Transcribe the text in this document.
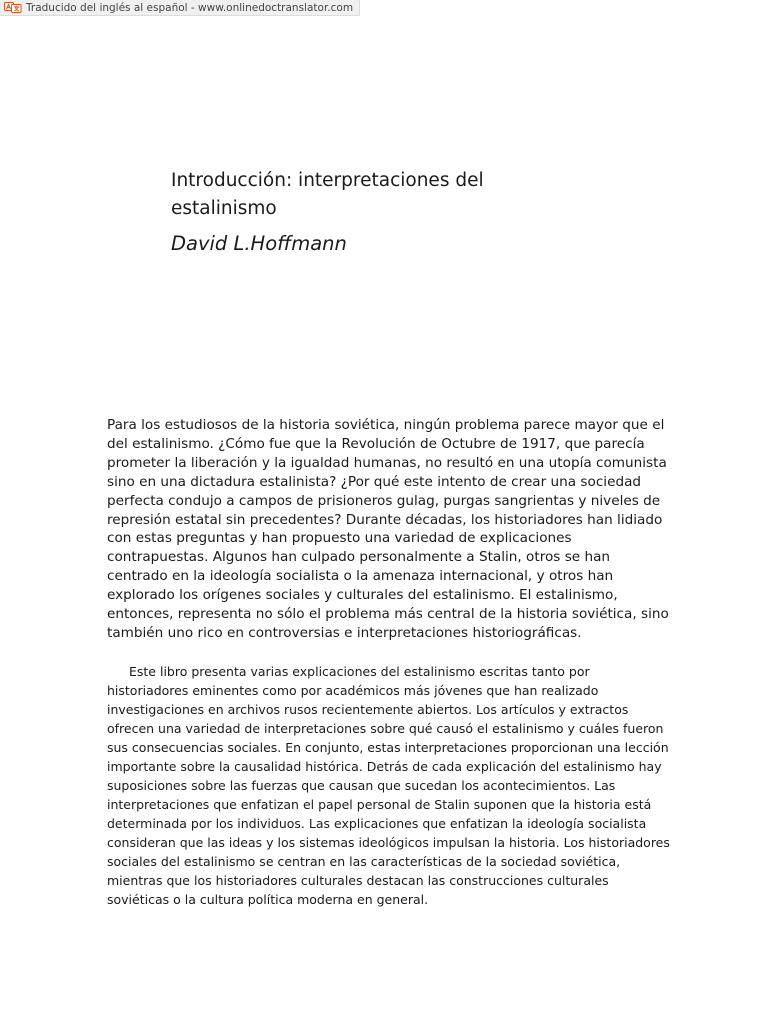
Traducido del inglés al español - www.onlinedoctranslator.com
Introducción: interpretaciones del estalinismo
David L.Hoffmann

Para los estudiosos de la historia soviética, ningún problema parece mayor que el del estalinismo. ¿Cómo fue que la Revolución de Octubre de 1917, que parecía prometer la liberación y la igualdad humanas, no resultó en una utopía comunista sino en una dictadura estalinista? ¿Por qué este intento de crear una sociedad perfecta condujo a campos de prisioneros gulag, purgas sangrientas y niveles de represión estatal sin precedentes? Durante décadas, los historiadores han lidiado con estas preguntas y han propuesto una variedad de explicaciones contrapuestas. Algunos han culpado personalmente a Stalin, otros se han centrado en la ideología socialista o la amenaza internacional, y otros han explorado los orígenes sociales y culturales del estalinismo. El estalinismo, entonces, representa no sólo el problema más central de la historia soviética, sino también uno rico en controversias e interpretaciones historiográficas.

Este libro presenta varias explicaciones del estalinismo escritas tanto por historiadores eminentes como por académicos más jóvenes que han realizado investigaciones en archivos rusos recientemente abiertos. Los artículos y extractos ofrecen una variedad de interpretaciones sobre qué causó el estalinismo y cuáles fueron sus consecuencias sociales. En conjunto, estas interpretaciones proporcionan una lección importante sobre la causalidad histórica. Detrás de cada explicación del estalinismo hay suposiciones sobre las fuerzas que causan que sucedan los acontecimientos. Las interpretaciones que enfatizan el papel personal de Stalin suponen que la historia está determinada por los individuos. Las explicaciones que enfatizan la ideología socialista consideran que las ideas y los sistemas ideológicos impulsan la historia. Los historiadores sociales del estalinismo se centran en las características de la sociedad soviética, mientras que los historiadores culturales destacan las construcciones culturales soviéticas o la cultura política moderna en general.
